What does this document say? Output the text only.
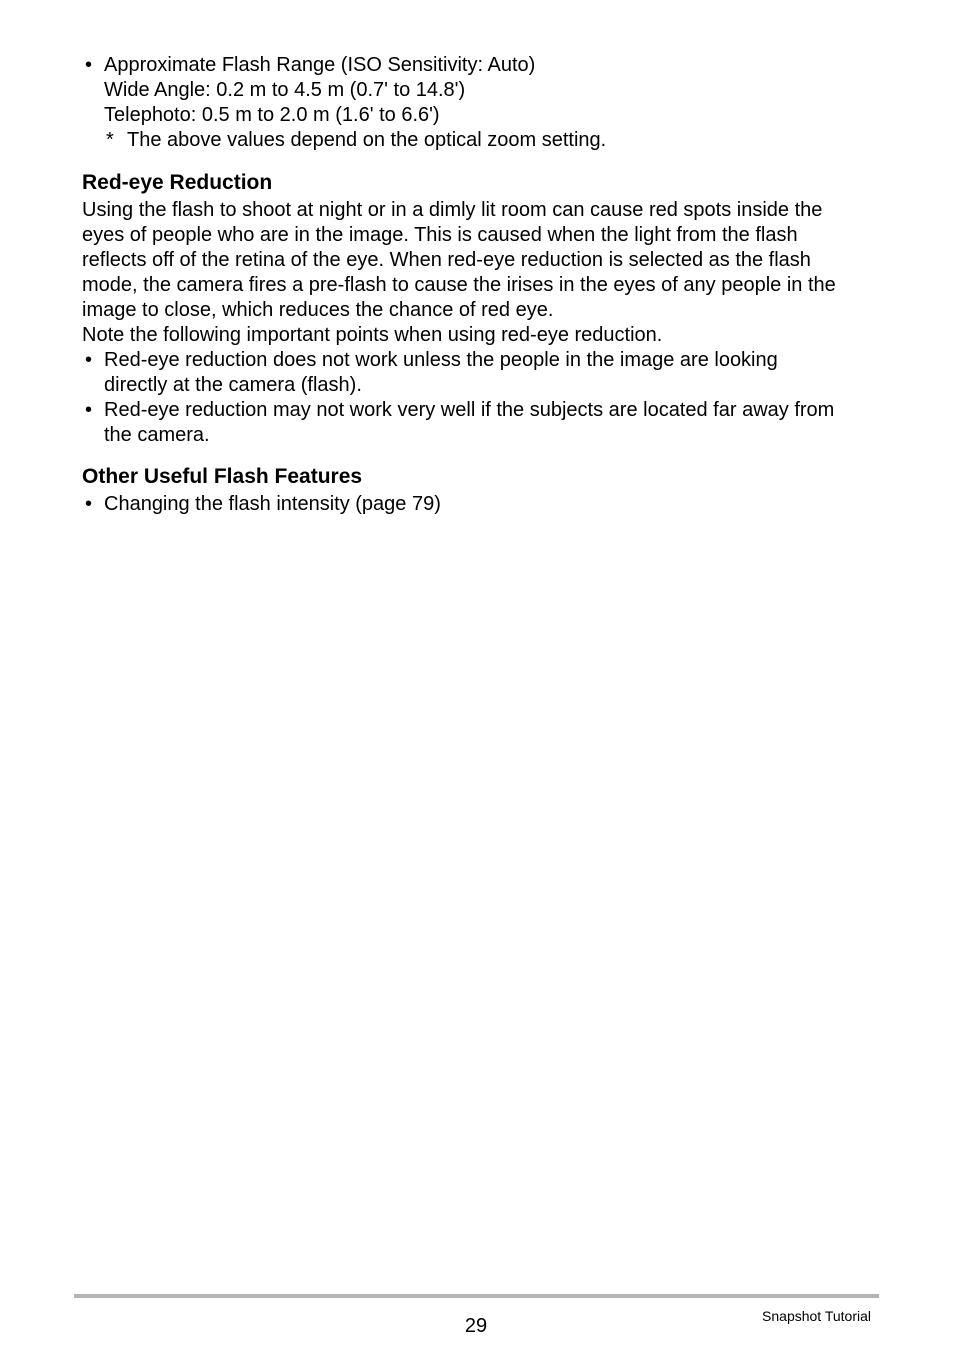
• Approximate Flash Range (ISO Sensitivity: Auto)
Wide Angle: 0.2 m to 4.5 m (0.7' to 14.8')
Telephoto: 0.5 m to 2.0 m (1.6' to 6.6')
* The above values depend on the optical zoom setting.
Red-eye Reduction
Using the flash to shoot at night or in a dimly lit room can cause red spots inside the
eyes of people who are in the image. This is caused when the light from the flash
reflects off of the retina of the eye. When red-eye reduction is selected as the flash
mode, the camera fires a pre-flash to cause the irises in the eyes of any people in the
image to close, which reduces the chance of red eye.
Note the following important points when using red-eye reduction.
• Red-eye reduction does not work unless the people in the image are looking
directly at the camera (flash).
• Red-eye reduction may not work very well if the subjects are located far away from
the camera.
Other Useful Flash Features
• Changing the flash intensity (page 79)
29	Snapshot Tutorial
